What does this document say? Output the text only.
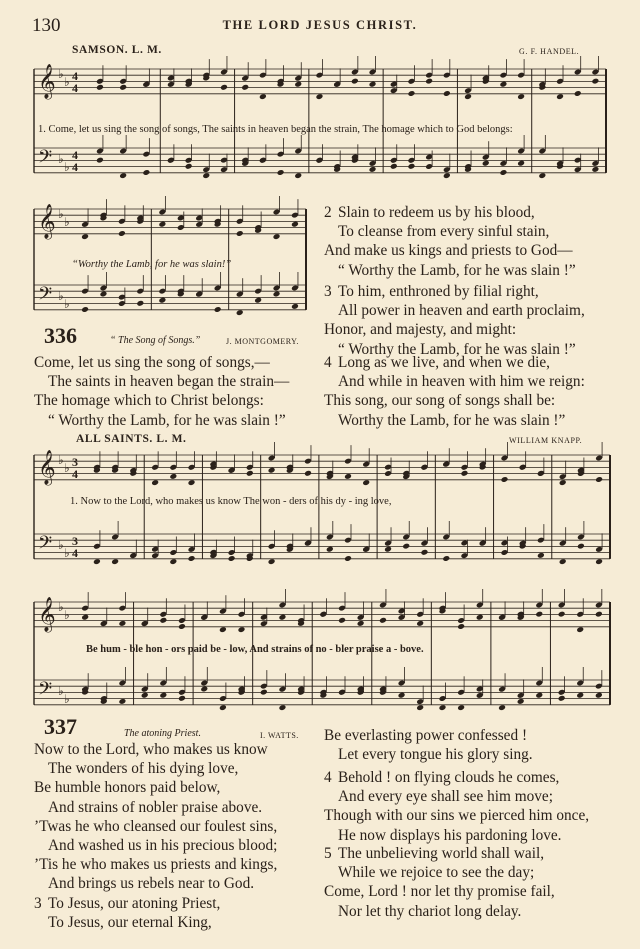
130	THE LORD JESUS CHRIST.
SAMSON. L. M.	G. F. HANDEL.
𝄞
𝄢
♭
♭
♭
♭
4
4
4
4
𝄞
𝄢
♭
♭
♭
♭
𝄞
𝄢
♭
♭
♭
♭
3
4
3
4
𝄞
𝄢
♭
♭
♭
♭
1. Come, let us sing the song of songs, The saints in heaven began the strain, The homage which to God belongs:
“Worthy the Lamb, for he was slain!”
2 Slain to redeem us by his blood,
To cleanse from every sinful stain,
And make us kings and priests to God—
“ Worthy the Lamb, for he was slain !”
3 To him, enthroned by filial right,
All power in heaven and earth proclaim,
Honor, and majesty, and might:
“ Worthy the Lamb, for he was slain !”
4 Long as we live, and when we die,
And while in heaven with him we reign:
This song, our song of songs shall be:
Worthy the Lamb, for he was slain !”
336	“ The Song of Songs.”	J. MONTGOMERY.
Come, let us sing the song of songs,—
The saints in heaven began the strain—
The homage which to Christ belongs:
“ Worthy the Lamb, for he was slain !”
ALL SAINTS. L. M.	WILLIAM KNAPP.
1. Now to the Lord, who makes us know The won - ders of his dy - ing love,
Be hum - ble hon - ors paid be - low, And strains of no - bler praise a - bove.
337	The atoning Priest.	I. WATTS.
Now to the Lord, who makes us know
The wonders of his dying love,
Be humble honors paid below,
And strains of nobler praise above.
’Twas he who cleansed our foulest sins,
And washed us in his precious blood;
’Tis he who makes us priests and kings,
And brings us rebels near to God.
3 To Jesus, our atoning Priest,
To Jesus, our eternal King,
Be everlasting power confessed !
Let every tongue his glory sing.
4 Behold ! on flying clouds he comes,
And every eye shall see him move;
Though with our sins we pierced him once,
He now displays his pardoning love.
5 The unbelieving world shall wail,
While we rejoice to see the day;
Come, Lord ! nor let thy promise fail,
Nor let thy chariot long delay.
